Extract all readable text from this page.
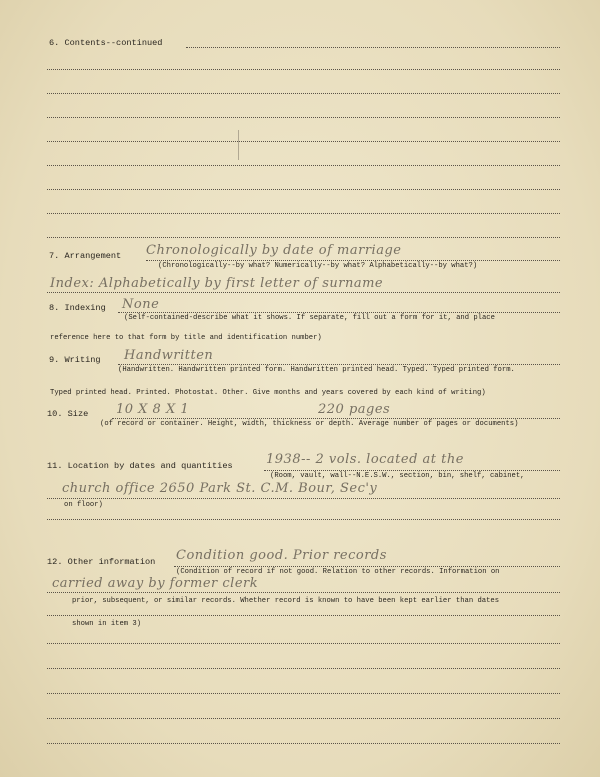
6. Contents--continued
7. Arrangement Chronologically by date of marriage
(Chronologically--by what? Numerically--by what? Alphabetically--by what?)
Index: Alphabetically by first letter of surname
8. Indexing None
(Self-contained-describe what it shows. If separate, fill out a form for it, and place
reference here to that form by title and identification number)
9. Writing Handwritten
(Handwritten. Handwritten printed form. Handwritten printed head. Typed. Typed printed form.
Typed printed head. Printed. Photostat. Other. Give months and years covered by each kind of writing)
10. Size 10 X 8 X 1	220 pages
(of record or container. Height, width, thickness or depth. Average number of pages or documents)
11. Location by dates and quantities	1938-- 2 vols. located at the
(Room, vault, wall--N.E.S.W., section, bin, shelf, cabinet,
church office 2650 Park St. C.M. Bour, Sec'y
on floor)
12. Other information Condition good. Prior records
(Condition of record if not good. Relation to other records. Information on
carried away by former clerk
prior, subsequent, or similar records. Whether record is known to have been kept earlier than dates
shown in item 3)
